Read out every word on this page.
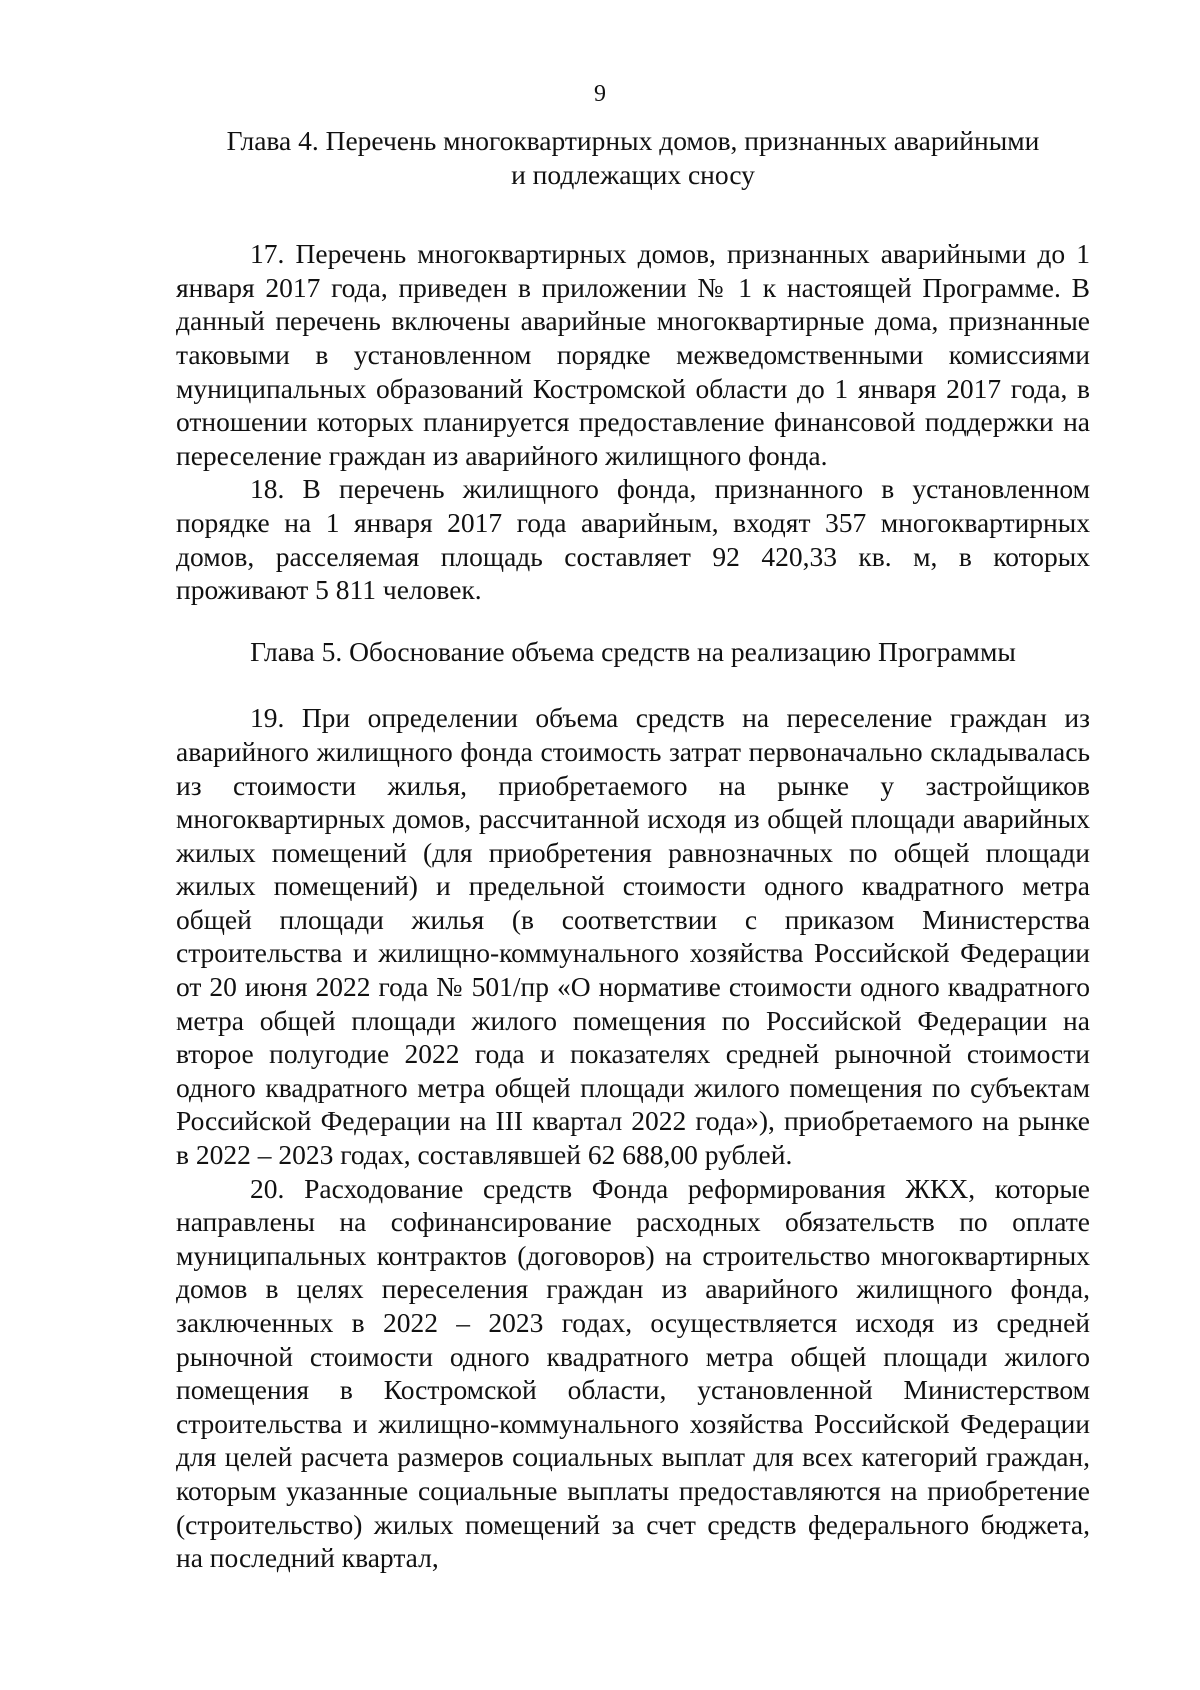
9
Глава 4. Перечень многоквартирных домов, признанных аварийными
и подлежащих сносу

17. Перечень многоквартирных домов, признанных аварийными до 1 января 2017 года, приведен в приложении № 1 к настоящей Программе. В данный перечень включены аварийные многоквартирные дома, признанные таковыми в установленном порядке межведомственными комиссиями муниципальных образований Костромской области до 1 января 2017 года, в отношении которых планируется предоставление финансовой поддержки на переселение граждан из аварийного жилищного фонда.

18. В перечень жилищного фонда, признанного в установленном порядке на 1 января 2017 года аварийным, входят 357 многоквартирных домов, расселяемая площадь составляет 92 420,33 кв. м, в которых проживают 5 811 человек.

Глава 5. Обоснование объема средств на реализацию Программы

19. При определении объема средств на переселение граждан из аварийного жилищного фонда стоимость затрат первоначально складывалась из стоимости жилья, приобретаемого на рынке у застройщиков многоквартирных домов, рассчитанной исходя из общей площади аварийных жилых помещений (для приобретения равнозначных по общей площади жилых помещений) и предельной стоимости одного квадратного метра общей площади жилья (в соответствии с приказом Министерства строительства и жилищно-коммунального хозяйства Российской Федерации от 20 июня 2022 года № 501/пр «О нормативе стоимости одного квадратного метра общей площади жилого помещения по Российской Федерации на второе полугодие 2022 года и показателях средней рыночной стоимости одного квадратного метра общей площади жилого помещения по субъектам Российской Федерации на III квартал 2022 года»), приобретаемого на рынке в 2022 – 2023 годах, составлявшей 62 688,00 рублей.

20. Расходование средств Фонда реформирования ЖКХ, которые направлены на софинансирование расходных обязательств по оплате муниципальных контрактов (договоров) на строительство многоквартирных домов в целях переселения граждан из аварийного жилищного фонда, заключенных в 2022 – 2023 годах, осуществляется исходя из средней рыночной стоимости одного квадратного метра общей площади жилого помещения в Костромской области, установленной Министерством строительства и жилищно-коммунального хозяйства Российской Федерации для целей расчета размеров социальных выплат для всех категорий граждан, которым указанные социальные выплаты предоставляются на приобретение (строительство) жилых помещений за счет средств федерального бюджета, на последний квартал,
